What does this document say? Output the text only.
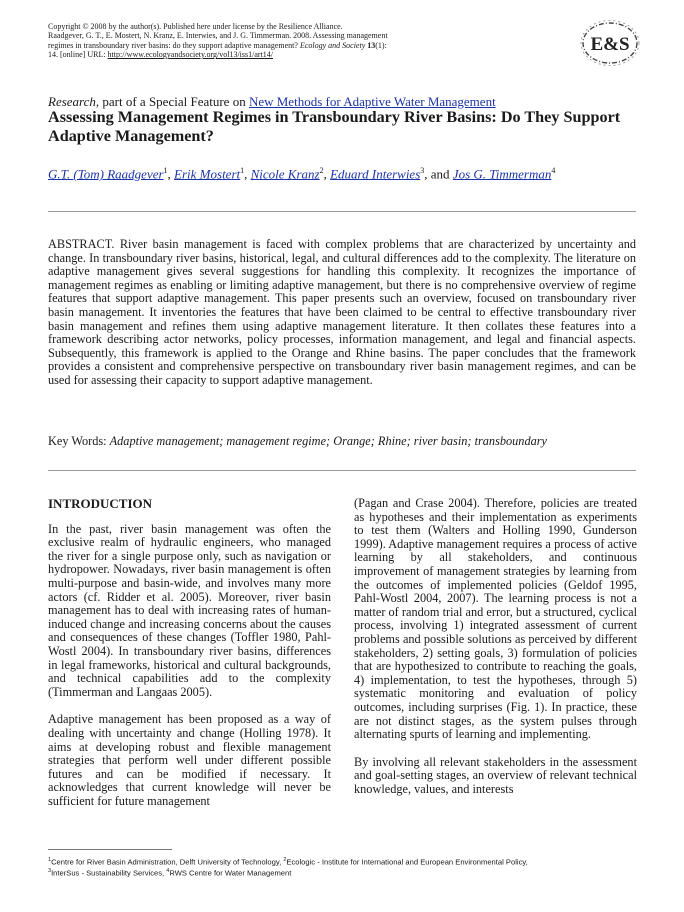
Copyright © 2008 by the author(s). Published here under license by the Resilience Alliance.
Raadgever, G. T., E. Mostert, N. Kranz, E. Interwies, and J. G. Timmerman. 2008. Assessing management
regimes in transboundary river basins: do they support adaptive management? Ecology and Society 13(1):
14. [online] URL: http://www.ecologyandsociety.org/vol13/iss1/art14/	E&S
Research, part of a Special Feature on New Methods for Adaptive Water Management
Assessing Management Regimes in Transboundary River Basins: Do They Support Adaptive Management?
G.T. (Tom) Raadgever$^1$, Erik Mostert$^1$, Nicole Kranz$^2$, Eduard Interwies$^3$, and Jos G. Timmerman$^4$

ABSTRACT. River basin management is faced with complex problems that are characterized by uncertainty and change. In transboundary river basins, historical, legal, and cultural differences add to the complexity. The literature on adaptive management gives several suggestions for handling this complexity. It recognizes the importance of management regimes as enabling or limiting adaptive management, but there is no comprehensive overview of regime features that support adaptive management. This paper presents such an overview, focused on transboundary river basin management. It inventories the features that have been claimed to be central to effective transboundary river basin management and refines them using adaptive management literature. It then collates these features into a framework describing actor networks, policy processes, information management, and legal and financial aspects. Subsequently, this framework is applied to the Orange and Rhine basins. The paper concludes that the framework provides a consistent and comprehensive perspective on transboundary river basin management regimes, and can be used for assessing their capacity to support adaptive management.

Key Words: Adaptive management; management regime; Orange; Rhine; river basin; transboundary

INTRODUCTION

In the past, river basin management was often the exclusive realm of hydraulic engineers, who managed the river for a single purpose only, such as navigation or hydropower. Nowadays, river basin management is often multi-purpose and basin-wide, and involves many more actors (cf. Ridder et al. 2005). Moreover, river basin management has to deal with increasing rates of human-induced change and increasing concerns about the causes and consequences of these changes (Toffler 1980, Pahl-Wostl 2004). In transboundary river basins, differences in legal frameworks, historical and cultural backgrounds, and technical capabilities add to the complexity (Timmerman and Langaas 2005).

Adaptive management has been proposed as a way of dealing with uncertainty and change (Holling 1978). It aims at developing robust and flexible management strategies that perform well under different possible futures and can be modified if necessary. It acknowledges that current knowledge will never be sufficient for future management

(Pagan and Crase 2004). Therefore, policies are treated as hypotheses and their implementation as experiments to test them (Walters and Holling 1990, Gunderson 1999). Adaptive management requires a process of active learning by all stakeholders, and continuous improvement of management strategies by learning from the outcomes of implemented policies (Geldof 1995, Pahl-Wostl 2004, 2007). The learning process is not a matter of random trial and error, but a structured, cyclical process, involving 1) integrated assessment of current problems and possible solutions as perceived by different stakeholders, 2) setting goals, 3) formulation of policies that are hypothesized to contribute to reaching the goals, 4) implementation, to test the hypotheses, through 5) systematic monitoring and evaluation of policy outcomes, including surprises (Fig. 1). In practice, these are not distinct stages, as the system pulses through alternating spurts of learning and implementing.

By involving all relevant stakeholders in the assessment and goal-setting stages, an overview of relevant technical knowledge, values, and interests

$^1$Centre for River Basin Administration, Delft University of Technology, $^2$Ecologic - Institute for International and European Environmental Policy,
$^3$InterSus - Sustainability Services, $^4$RWS Centre for Water Management
